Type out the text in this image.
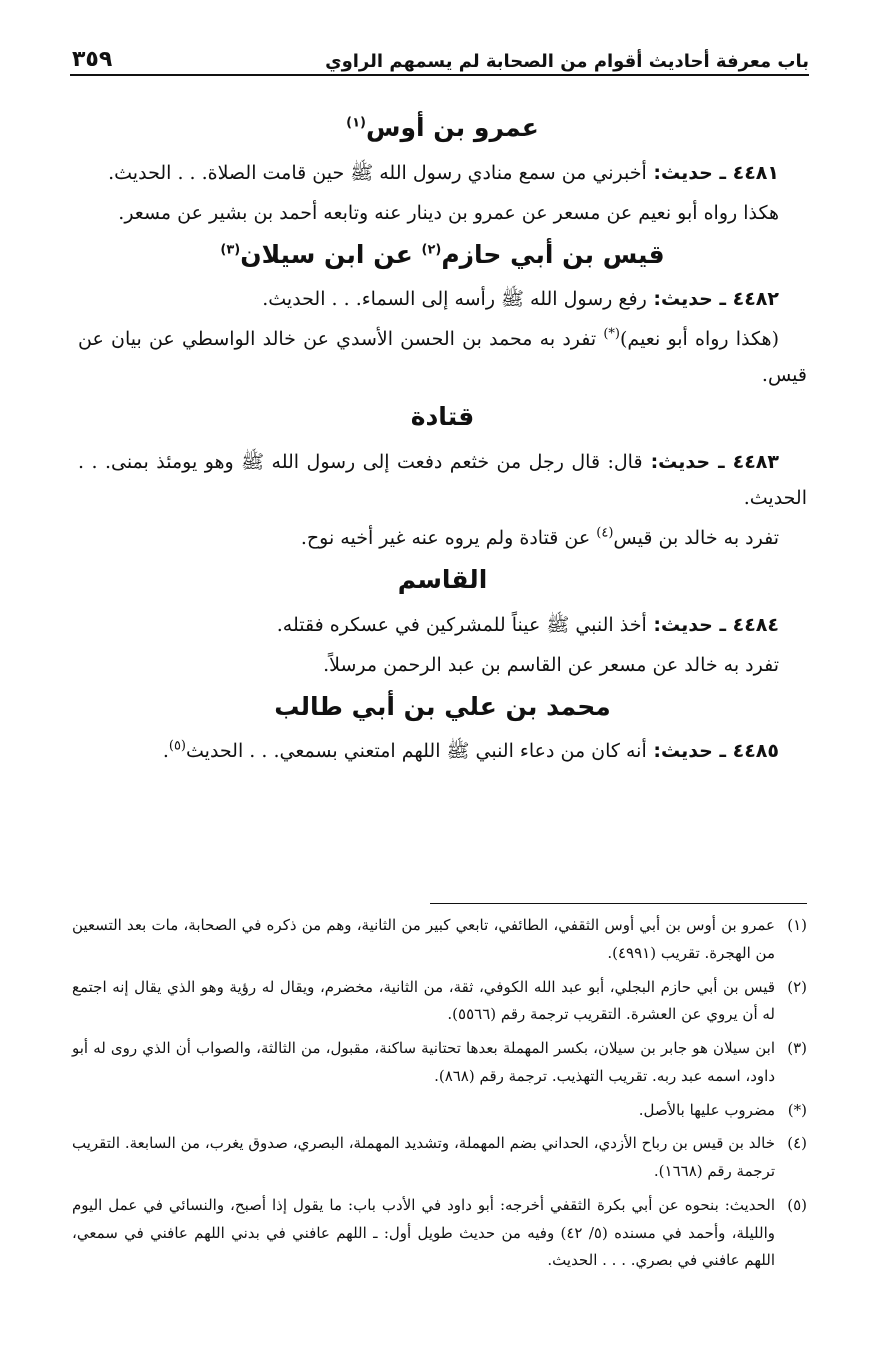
باب معرفة أحاديث أقوام من الصحابة لم يسمهم الراوي
٣٥٩
عمرو بن أوس$^{(١)}$

٤٤٨١ ـ حديث: أخبرني من سمع منادي رسول الله ﷺ حين قامت الصلاة. . . الحديث.

هكذا رواه أبو نعيم عن مسعر عن عمرو بن دينار عنه وتابعه أحمد بن بشير عن مسعر.

قيس بن أبي حازم$^{(٢)}$ عن ابن سيلان$^{(٣)}$

٤٤٨٢ ـ حديث: رفع رسول الله ﷺ رأسه إلى السماء. . . الحديث.

(هكذا رواه أبو نعيم)(*) تفرد به محمد بن الحسن الأسدي عن خالد الواسطي عن بيان عن قيس.

قتادة

٤٤٨٣ ـ حديث: قال: قال رجل من خثعم دفعت إلى رسول الله ﷺ وهو يومئذ بمنى. . . الحديث.

تفرد به خالد بن قيس$^{(٤)}$ عن قتادة ولم يروه عنه غير أخيه نوح.

القاسم

٤٤٨٤ ـ حديث: أخذ النبي ﷺ عيناً للمشركين في عسكره فقتله.

تفرد به خالد عن مسعر عن القاسم بن عبد الرحمن مرسلاً.

محمد بن علي بن أبي طالب

٤٤٨٥ ـ حديث: أنه كان من دعاء النبي ﷺ اللهم امتعني بسمعي. . . الحديث$^{(٥)}$.

(١)
عمرو بن أوس بن أبي أوس الثقفي، الطائفي، تابعي كبير من الثانية، وهم من ذكره في الصحابة، مات بعد التسعين من الهجرة. تقريب (٤٩٩١).
(٢)
قيس بن أبي حازم البجلي، أبو عبد الله الكوفي، ثقة، من الثانية، مخضرم، ويقال له رؤية وهو الذي يقال إنه اجتمع له أن يروي عن العشرة. التقريب ترجمة رقم (٥٥٦٦).
(٣)
ابن سيلان هو جابر بن سيلان، بكسر المهملة بعدها تحتانية ساكنة، مقبول، من الثالثة، والصواب أن الذي روى له أبو داود، اسمه عبد ربه. تقريب التهذيب. ترجمة رقم (٨٦٨).
(*)
مضروب عليها بالأصل.
(٤)
خالد بن قيس بن رباح الأزدي، الحداني بضم المهملة، وتشديد المهملة، البصري، صدوق يغرب، من السابعة. التقريب ترجمة رقم (١٦٦٨).
(٥)
الحديث: بنحوه عن أبي بكرة الثقفي أخرجه: أبو داود في الأدب باب: ما يقول إذا أصبح، والنسائي في عمل اليوم والليلة، وأحمد في مسنده (٥/ ٤٢) وفيه من حديث طويل أول: ـ اللهم عافني في بدني اللهم عافني في سمعي، اللهم عافني في بصري. . . . الحديث.
